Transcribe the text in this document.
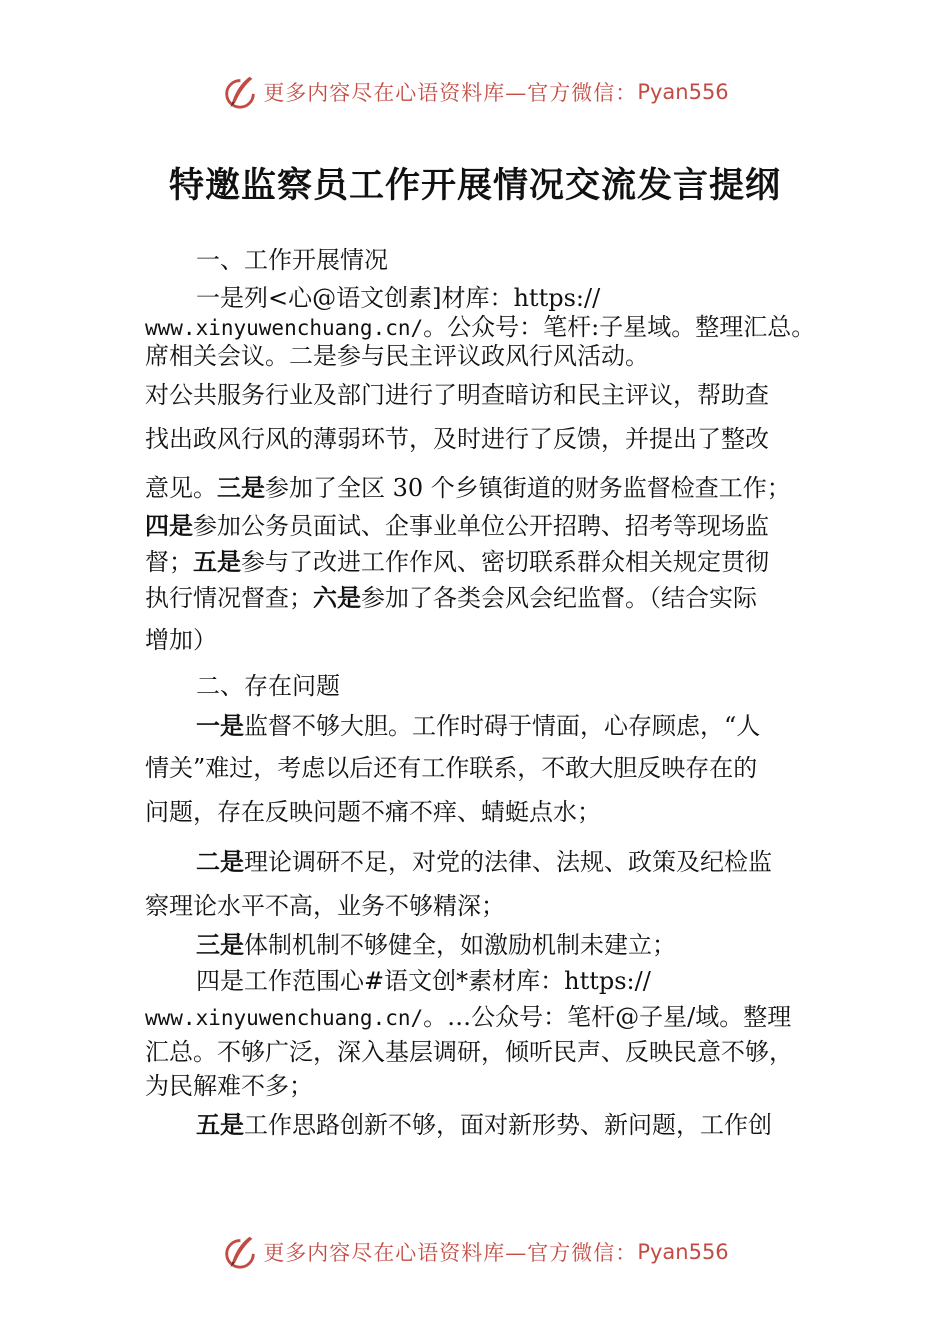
更多内容尽在心语资料库—官方微信： Pyan556
特邀监察员工作开展情况交流发言提纲
一、工作开展情况
一是列<心@语文创素]材库：https://
www.xinyuwenchuang.cn/。公众号：笔杆:子星域。整理汇总。
席相关会议。二是参与民主评议政风行风活动。
对公共服务行业及部门进行了明查暗访和民主评议，帮助查
找出政风行风的薄弱环节，及时进行了反馈，并提出了整改
意见。三是参加了全区 30 个乡镇街道的财务监督检查工作；
四是参加公务员面试、企事业单位公开招聘、招考等现场监
督；五是参与了改进工作作风、密切联系群众相关规定贯彻
执行情况督查；六是参加了各类会风会纪监督。（结合实际
增加）
二、存在问题
一是监督不够大胆。工作时碍于情面，心存顾虑，“人
情关”难过，考虑以后还有工作联系，不敢大胆反映存在的
问题，存在反映问题不痛不痒、蜻蜓点水；
二是理论调研不足，对党的法律、法规、政策及纪检监
察理论水平不高，业务不够精深；
三是体制机制不够健全，如激励机制未建立；
四是工作范围心#语文创*素材库：https://
www.xinyuwenchuang.cn/。…公众号：笔杆@子星/域。整理
汇总。不够广泛，深入基层调研，倾听民声、反映民意不够，
为民解难不多；
五是工作思路创新不够，面对新形势、新问题，工作创
更多内容尽在心语资料库—官方微信： Pyan556
